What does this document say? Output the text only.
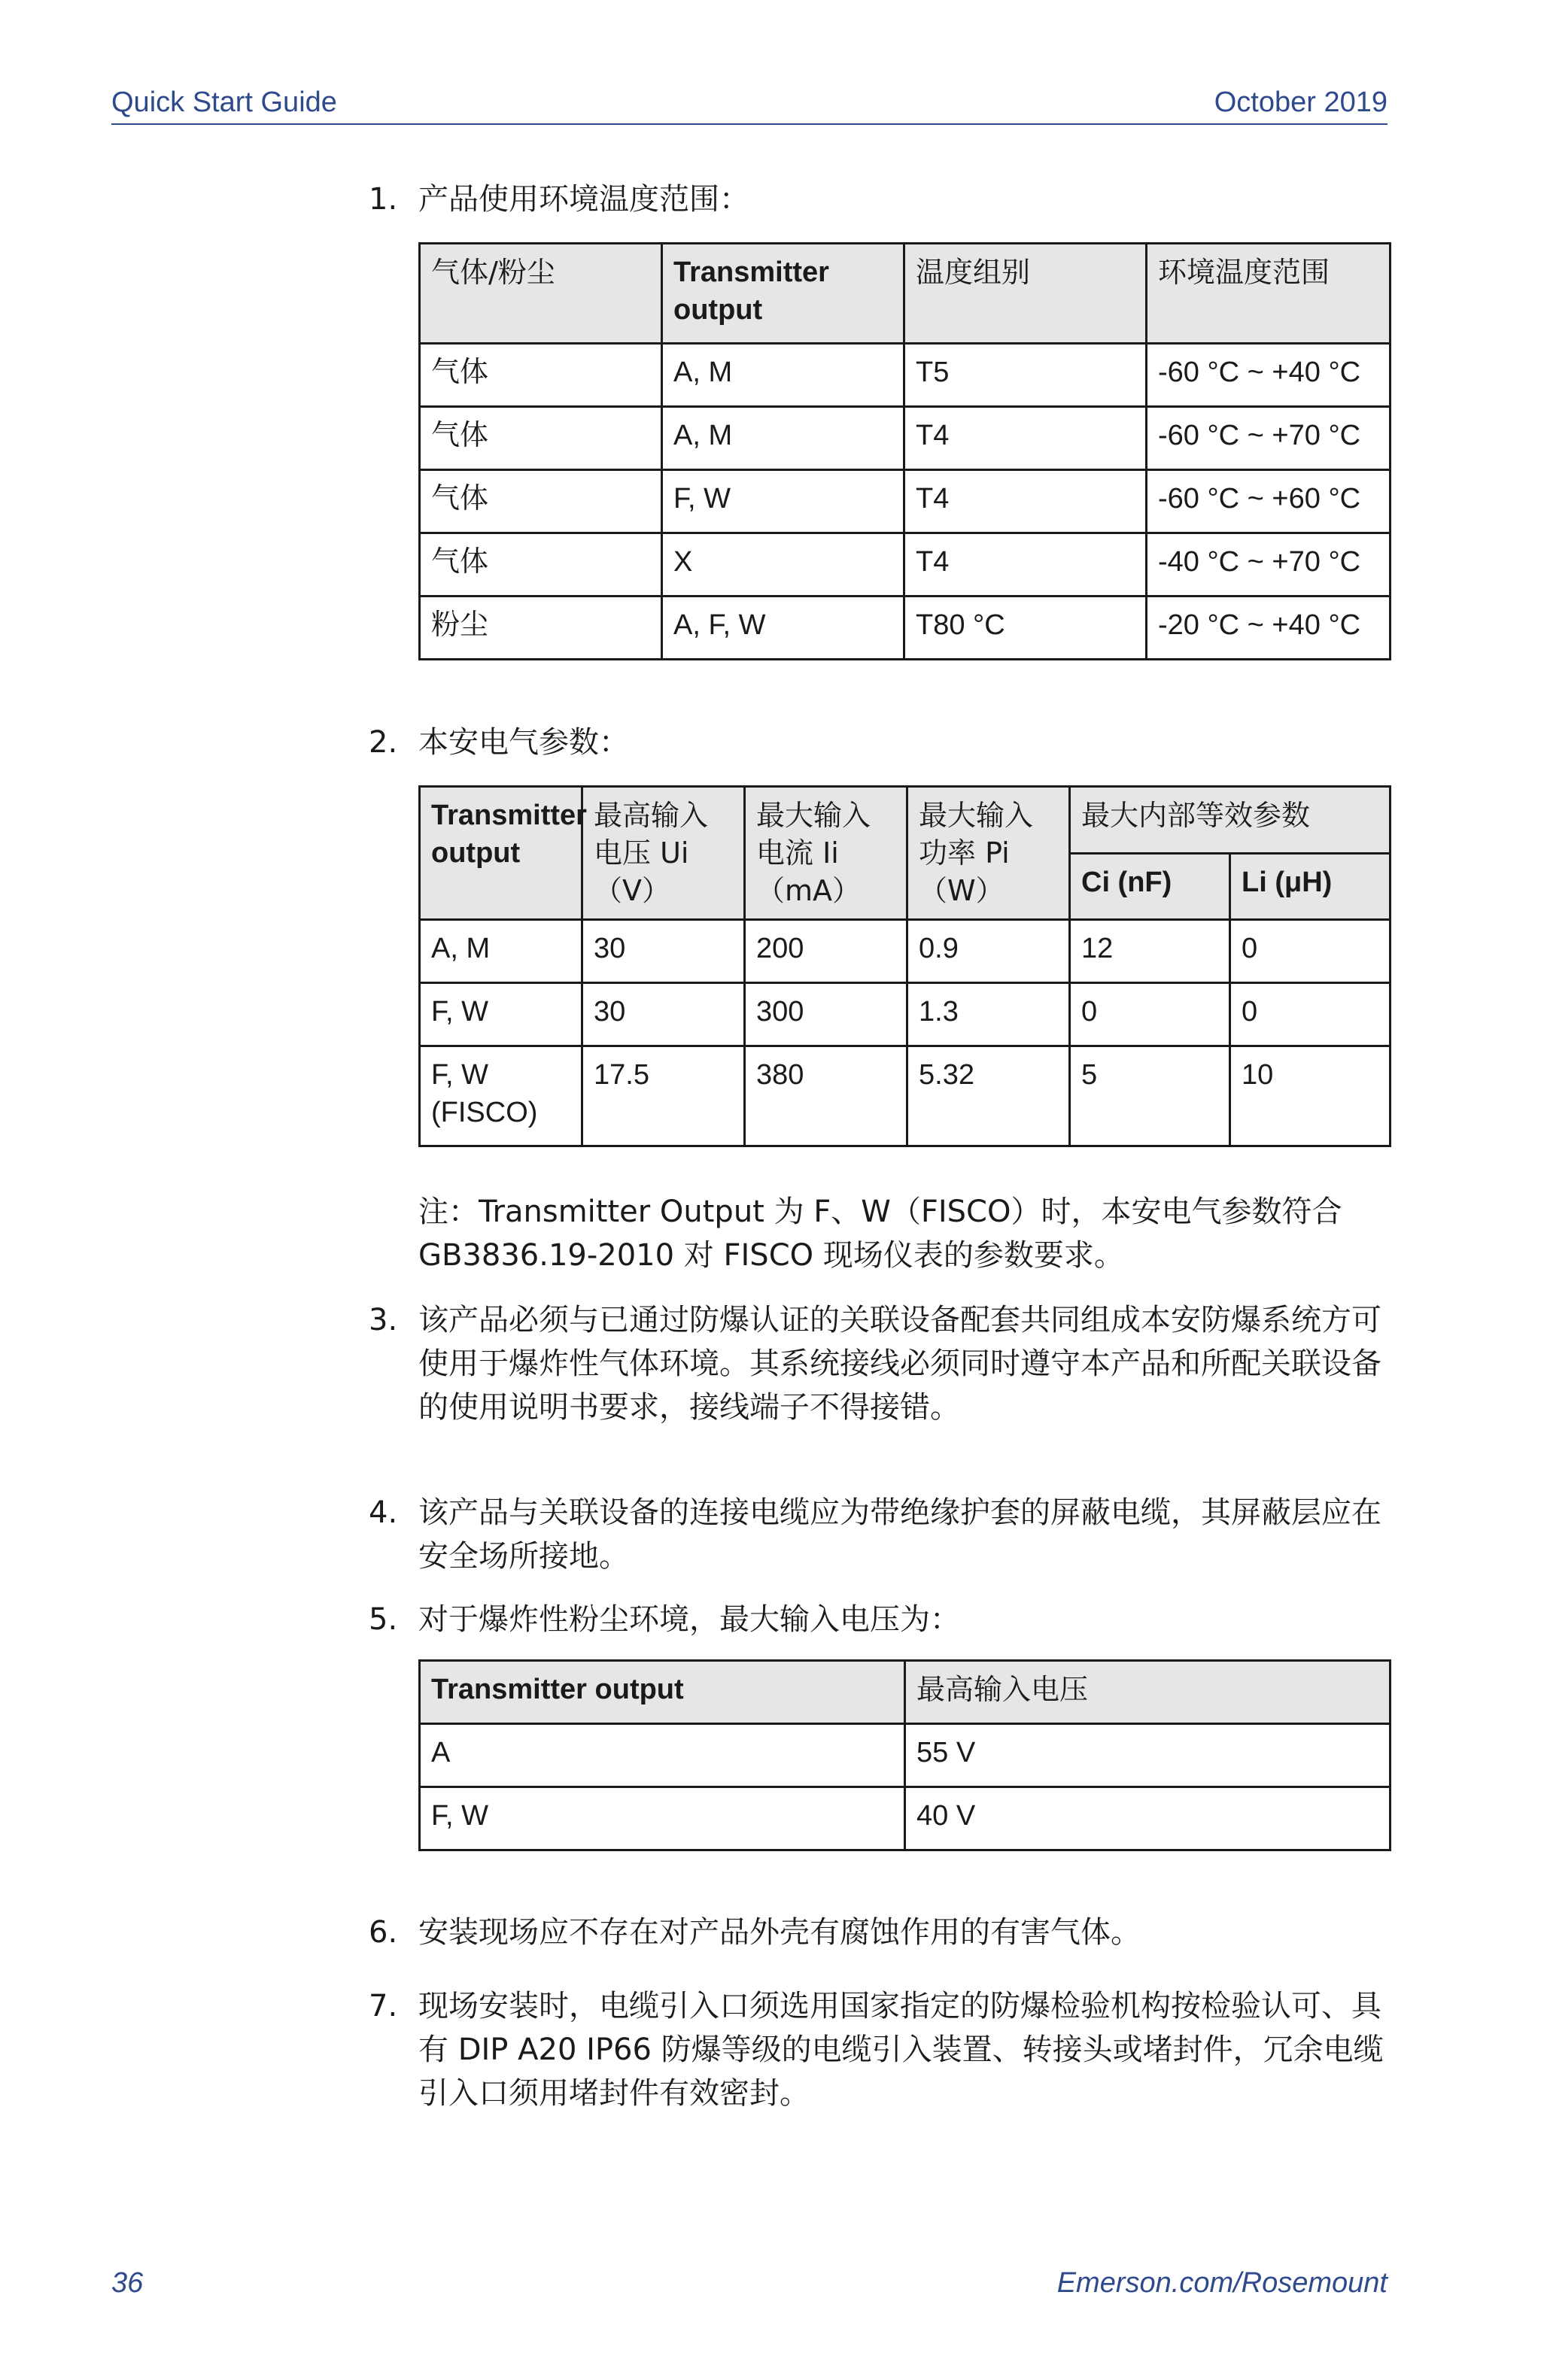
Quick Start Guide	October 2019
1. 产品使用环境温度范围：
气体/粉尘	Transmitter output	温度组别	环境温度范围
气体	A, M	T5	-60 °C ~ +40 °C
气体	A, M	T4	-60 °C ~ +70 °C
气体	F, W	T4	-60 °C ~ +60 °C
气体	X	T4	-40 °C ~ +70 °C
粉尘	A, F, W	T80 °C	-20 °C ~ +40 °C
2. 本安电气参数：
Transmitter output	最高输入电压 Ui（V）	最大输入电流 Ii（mA）	最大输入功率 Pi（W）	最大内部等效参数	
				Ci (nF)	Li (μH)
A, M	30	200	0.9	12	0
F, W	30	300	1.3	0	0
F, W (FISCO)	17.5	380	5.32	5	10
注：Transmitter Output 为 F、W（FISCO）时，本安电气参数符合 GB3836.19-2010 对 FISCO 现场仪表的参数要求。
3. 该产品必须与已通过防爆认证的关联设备配套共同组成本安防爆系统方可使用于爆炸性气体环境。其系统接线必须同时遵守本产品和所配关联设备的使用说明书要求，接线端子不得接错。
4. 该产品与关联设备的连接电缆应为带绝缘护套的屏蔽电缆，其屏蔽层应在安全场所接地。
5. 对于爆炸性粉尘环境，最大输入电压为：
Transmitter output	最高输入电压
A	55 V
F, W	40 V
6. 安装现场应不存在对产品外壳有腐蚀作用的有害气体。
7. 现场安装时，电缆引入口须选用国家指定的防爆检验机构按检验认可、具有 DIP A20 IP66 防爆等级的电缆引入装置、转接头或堵封件，冗余电缆引入口须用堵封件有效密封。
36	Emerson.com/Rosemount
